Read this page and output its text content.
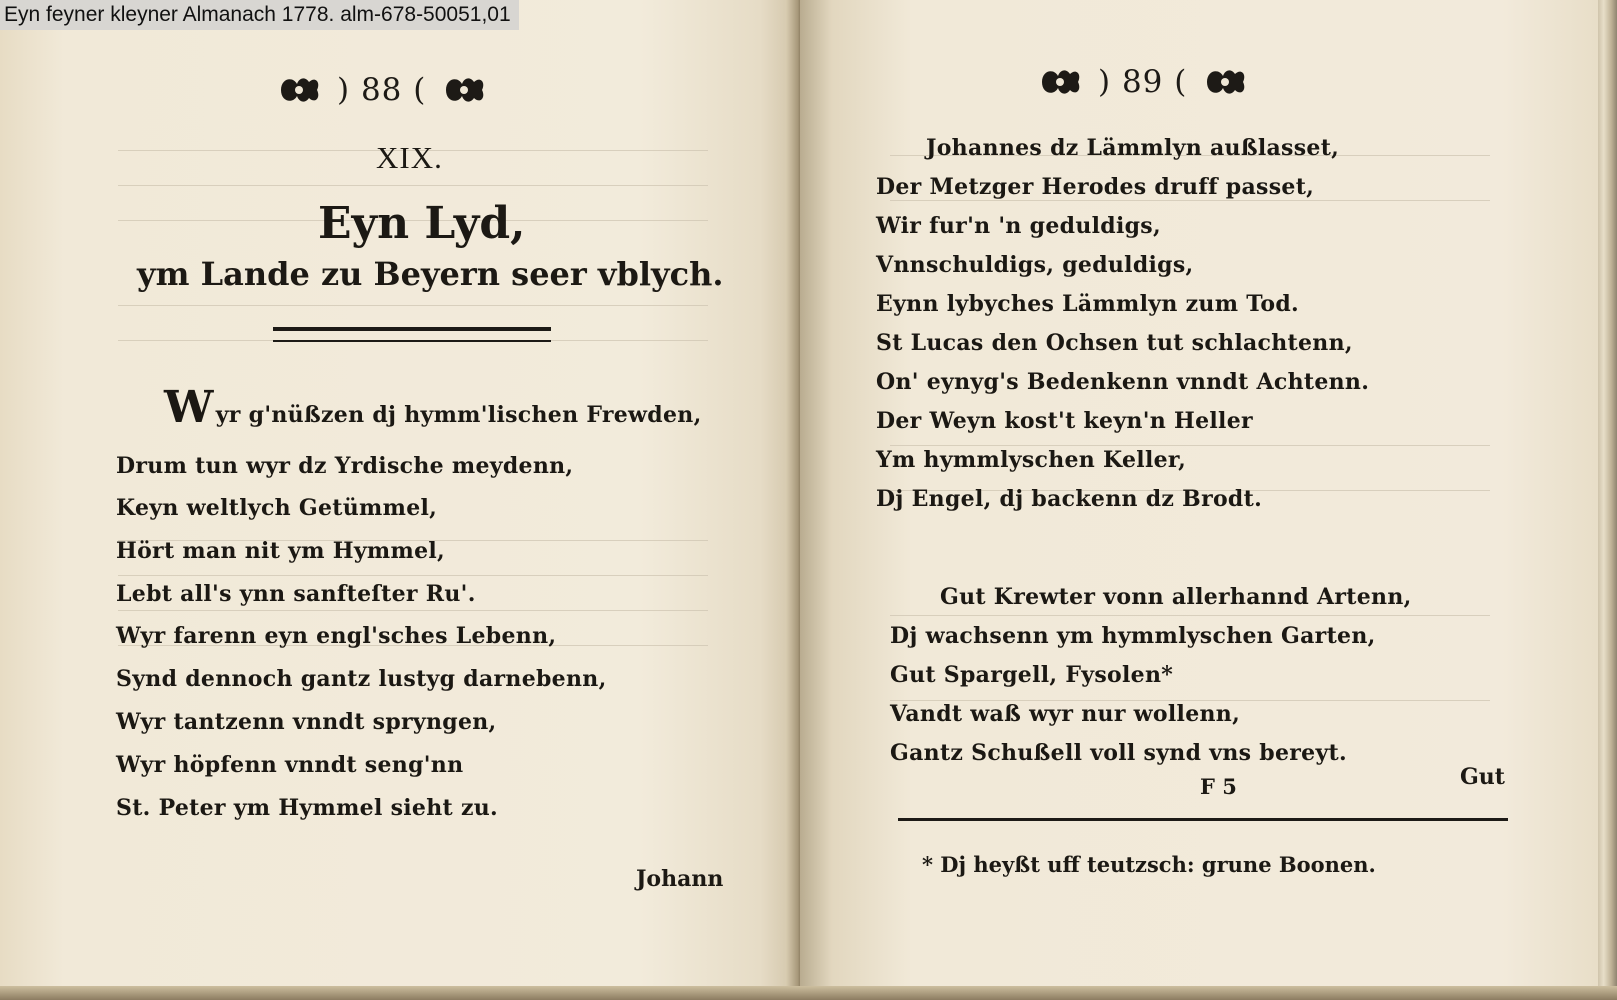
) 88 (
XIX.
Eyn Lyd,
ym Lande zu Beyern seer vblych.
Wyr g'nüßzen dj hymm'lischen Frewden,
Drum tun wyr dz Yrdische meydenn,
Keyn weltlych Getümmel,
Hört man nit ym Hymmel,
Lebt all's ynn sanfteſter Ru'.
Wyr farenn eyn engl'sches Lebenn,
Synd dennoch gantz lustyg darnebenn,
Wyr tantzenn vnndt spryngen,
Wyr höpfenn vnndt seng'nn
St. Peter ym Hymmel sieht zu.
Johann
) 89 (
Johannes dz Lämmlyn außlasset,
Der Metzger Herodes druff passet,
Wir fur'n 'n geduldigs,
Vnnschuldigs, geduldigs,
Eynn lybyches Lämmlyn zum Tod.
St Lucas den Ochsen tut schlachtenn,
On' eynyg's Bedenkenn vnndt Achtenn.
Der Weyn kost't keyn'n Heller
Ym hymmlyschen Keller,
Dj Engel, dj backenn dz Brodt.
Gut Krewter vonn allerhannd Artenn,
Dj wachsenn ym hymmlyschen Garten,
Gut Spargell, Fysolen*
Vandt waß wyr nur wollenn,
Gantz Schußell voll synd vns bereyt.
F 5	Gut
* Dj heyßt uff teutzsch: grune Boonen.
Eyn feyner kleyner Almanach 1778. alm-678-50051,01
